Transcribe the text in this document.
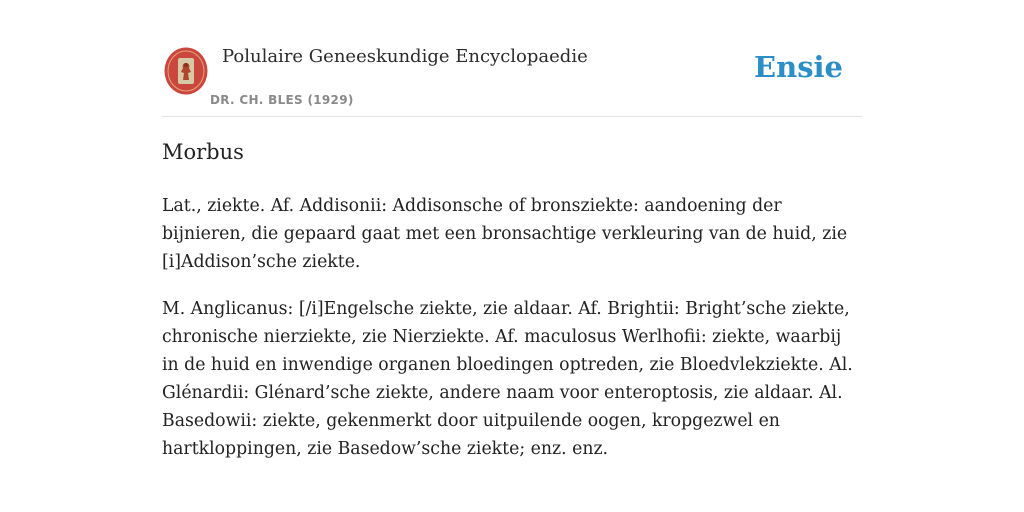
Polulaire Geneeskundige Encyclopaedie
DR. CH. BLES (1929)
Ensie
Morbus

Lat., ziekte. Af. Addisonii: Addisonsche of bronsziekte: aandoening der bijnieren, die gepaard gaat met een bronsachtige verkleuring van de huid, zie [i]Addison’sche ziekte.

M. Anglicanus: [/i]Engelsche ziekte, zie aldaar. Af. Brightii: Bright’sche ziekte, chronische nierziekte, zie Nierziekte. Af. maculosus Werlhofii: ziekte, waarbij in de huid en inwendige organen bloedingen optreden, zie Bloedvlekziekte. Al. Glénardii: Glénard’sche ziekte, andere naam voor enteroptosis, zie aldaar. Al. Basedowii: ziekte, gekenmerkt door uitpuilende oogen, kropgezwel en hartkloppingen, zie Basedow’sche ziekte; enz. enz.
